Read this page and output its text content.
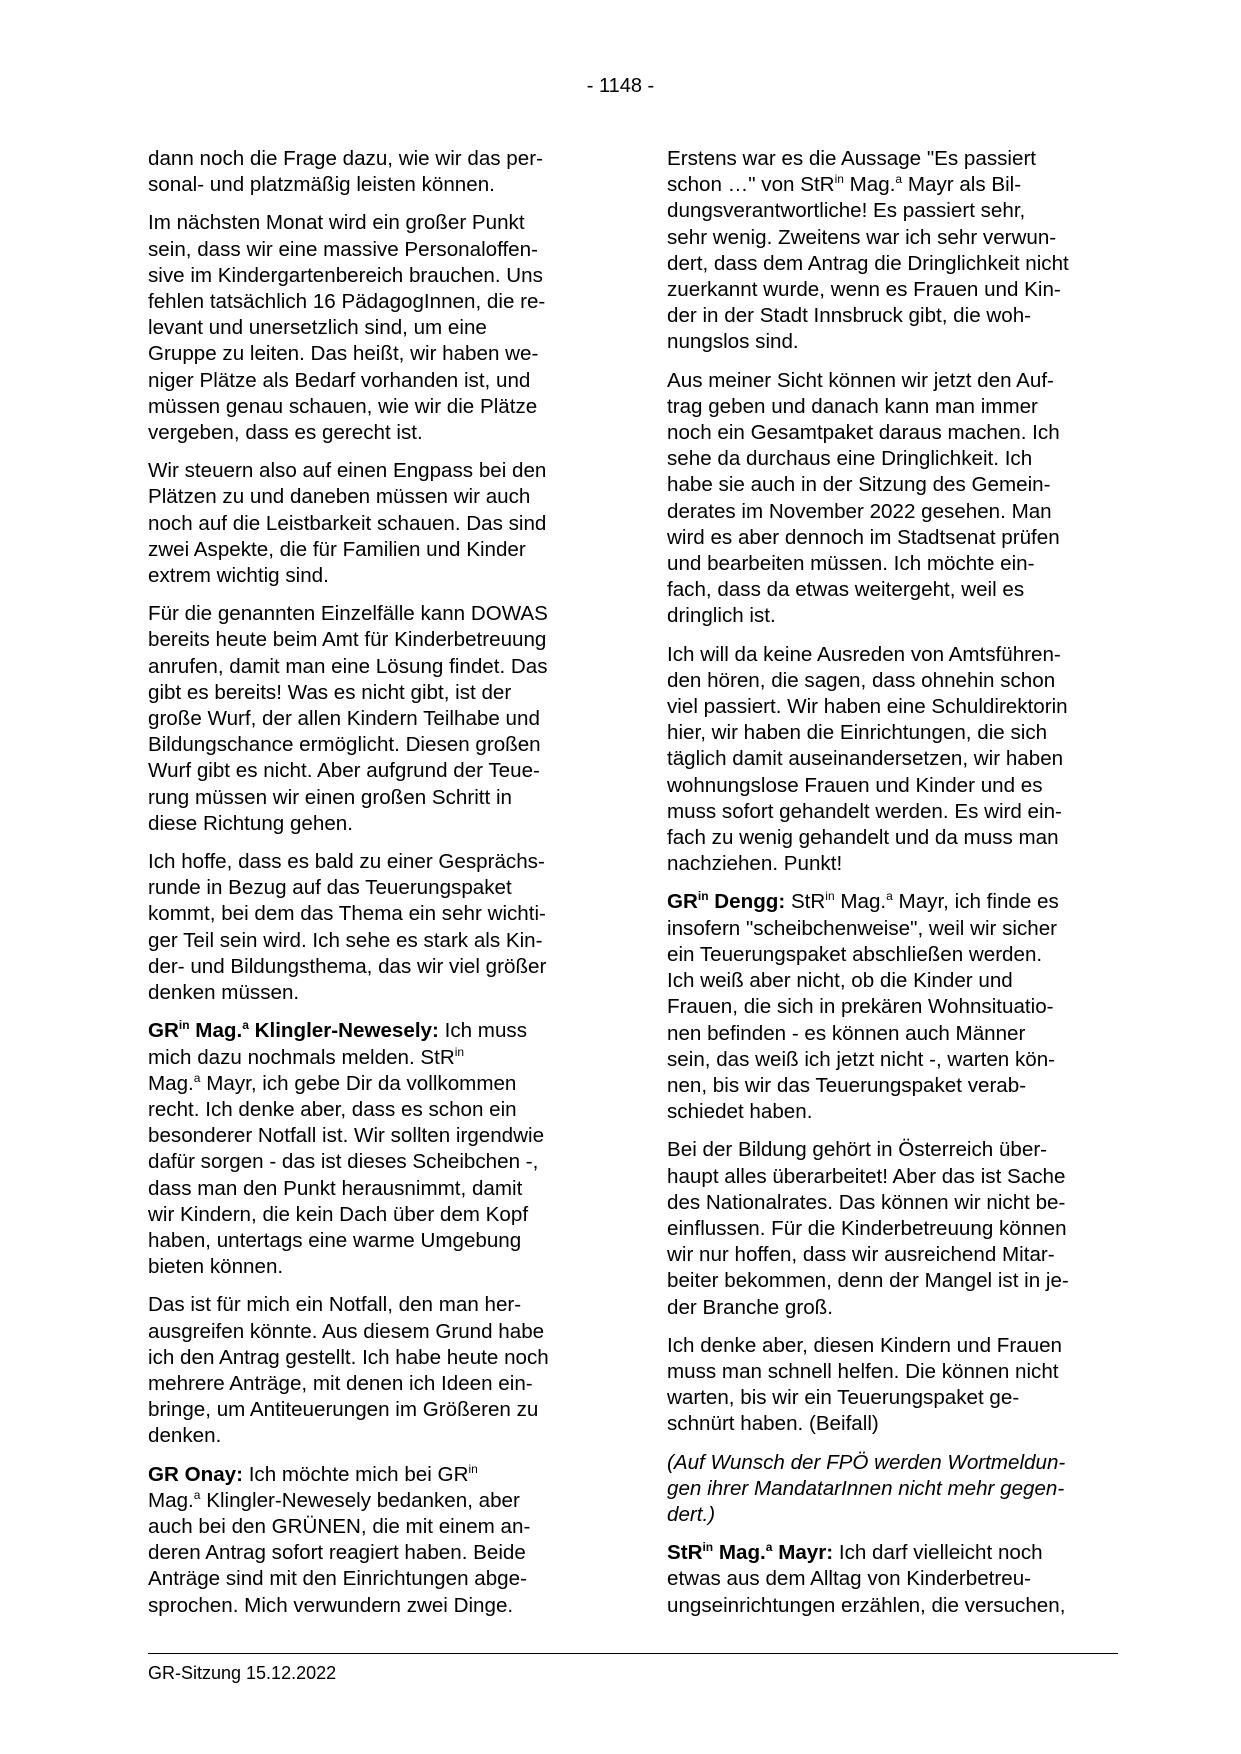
- 1148 -

dann noch die Frage dazu, wie wir das per-
sonal- und platzmäßig leisten können.

Im nächsten Monat wird ein großer Punkt
sein, dass wir eine massive Personaloffen-
sive im Kindergartenbereich brauchen. Uns
fehlen tatsächlich 16 PädagogInnen, die re-
levant und unersetzlich sind, um eine
Gruppe zu leiten. Das heißt, wir haben we-
niger Plätze als Bedarf vorhanden ist, und
müssen genau schauen, wie wir die Plätze
vergeben, dass es gerecht ist.

Wir steuern also auf einen Engpass bei den
Plätzen zu und daneben müssen wir auch
noch auf die Leistbarkeit schauen. Das sind
zwei Aspekte, die für Familien und Kinder
extrem wichtig sind.

Für die genannten Einzelfälle kann DOWAS
bereits heute beim Amt für Kinderbetreuung
anrufen, damit man eine Lösung findet. Das
gibt es bereits! Was es nicht gibt, ist der
große Wurf, der allen Kindern Teilhabe und
Bildungschance ermöglicht. Diesen großen
Wurf gibt es nicht. Aber aufgrund der Teue-
rung müssen wir einen großen Schritt in
diese Richtung gehen.

Ich hoffe, dass es bald zu einer Gesprächs-
runde in Bezug auf das Teuerungspaket
kommt, bei dem das Thema ein sehr wichti-
ger Teil sein wird. Ich sehe es stark als Kin-
der- und Bildungsthema, das wir viel größer
denken müssen.

$GR^{in}$ Mag.$^a$ Klingler-Newesely: Ich muss
mich dazu nochmals melden. StR$^{in}$
Mag.$^a$ Mayr, ich gebe Dir da vollkommen
recht. Ich denke aber, dass es schon ein
besonderer Notfall ist. Wir sollten irgendwie
dafür sorgen - das ist dieses Scheibchen -,
dass man den Punkt herausnimmt, damit
wir Kindern, die kein Dach über dem Kopf
haben, untertags eine warme Umgebung
bieten können.

Das ist für mich ein Notfall, den man her-
ausgreifen könnte. Aus diesem Grund habe
ich den Antrag gestellt. Ich habe heute noch
mehrere Anträge, mit denen ich Ideen ein-
bringe, um Antiteuerungen im Größeren zu
denken.

GR Onay: Ich möchte mich bei $GR^{in}$
Mag.$^a$ Klingler-Newesely bedanken, aber
auch bei den GRÜNEN, die mit einem an-
deren Antrag sofort reagiert haben. Beide
Anträge sind mit den Einrichtungen abge-
sprochen. Mich verwundern zwei Dinge.

Erstens war es die Aussage "Es passiert
schon …" von StR$^{in}$ Mag.$^a$ Mayr als Bil-
dungsverantwortliche! Es passiert sehr,
sehr wenig. Zweitens war ich sehr verwun-
dert, dass dem Antrag die Dringlichkeit nicht
zuerkannt wurde, wenn es Frauen und Kin-
der in der Stadt Innsbruck gibt, die woh-
nungslos sind.

Aus meiner Sicht können wir jetzt den Auf-
trag geben und danach kann man immer
noch ein Gesamtpaket daraus machen. Ich
sehe da durchaus eine Dringlichkeit. Ich
habe sie auch in der Sitzung des Gemein-
derates im November 2022 gesehen. Man
wird es aber dennoch im Stadtsenat prüfen
und bearbeiten müssen. Ich möchte ein-
fach, dass da etwas weitergeht, weil es
dringlich ist.

Ich will da keine Ausreden von Amtsführen-
den hören, die sagen, dass ohnehin schon
viel passiert. Wir haben eine Schuldirektorin
hier, wir haben die Einrichtungen, die sich
täglich damit auseinandersetzen, wir haben
wohnungslose Frauen und Kinder und es
muss sofort gehandelt werden. Es wird ein-
fach zu wenig gehandelt und da muss man
nachziehen. Punkt!

$GR^{in}$ Dengg: StR$^{in}$ Mag.$^a$ Mayr, ich finde es
insofern "scheibchenweise", weil wir sicher
ein Teuerungspaket abschließen werden.
Ich weiß aber nicht, ob die Kinder und
Frauen, die sich in prekären Wohnsituatio-
nen befinden - es können auch Männer
sein, das weiß ich jetzt nicht -, warten kön-
nen, bis wir das Teuerungspaket verab-
schiedet haben.

Bei der Bildung gehört in Österreich über-
haupt alles überarbeitet! Aber das ist Sache
des Nationalrates. Das können wir nicht be-
einflussen. Für die Kinderbetreuung können
wir nur hoffen, dass wir ausreichend Mitar-
beiter bekommen, denn der Mangel ist in je-
der Branche groß.

Ich denke aber, diesen Kindern und Frauen
muss man schnell helfen. Die können nicht
warten, bis wir ein Teuerungspaket ge-
schnürt haben. (Beifall)

(Auf Wunsch der FPÖ werden Wortmeldun-
gen ihrer MandatarInnen nicht mehr gegen-
dert.)

StR$^{in}$ Mag.$^a$ Mayr: Ich darf vielleicht noch
etwas aus dem Alltag von Kinderbetreu-
ungseinrichtungen erzählen, die versuchen,

GR-Sitzung 15.12.2022
